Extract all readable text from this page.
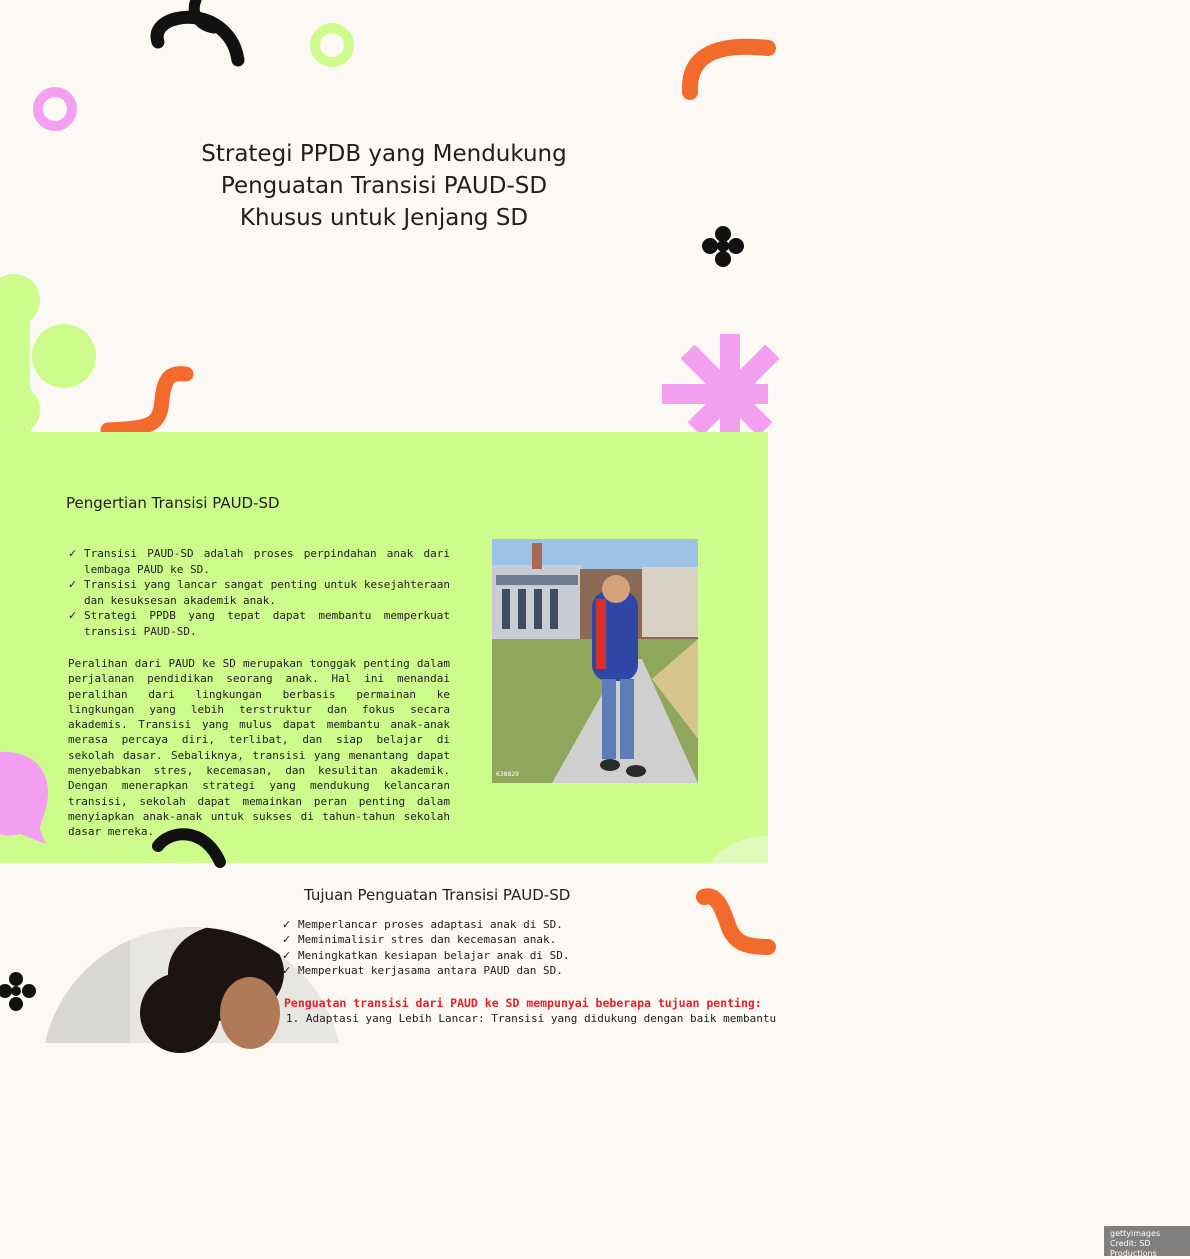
Strategi PPDB yang Mendukung
Penguatan Transisi PAUD-SD
Khusus untuk Jenjang SD
Pengertian Transisi PAUD-SD
✓ Transisi PAUD-SD adalah proses perpindahan anak dari lembaga PAUD ke SD.
✓ Transisi yang lancar sangat penting untuk kesejahteraan dan kesuksesan akademik anak.
✓ Strategi PPDB yang tepat dapat membantu memperkuat transisi PAUD-SD.

Peralihan dari PAUD ke SD merupakan tonggak penting dalam perjalanan pendidikan seorang anak. Hal ini menandai peralihan dari lingkungan berbasis permainan ke lingkungan yang lebih terstruktur dan fokus secara akademis. Transisi yang mulus dapat membantu anak-anak merasa percaya diri, terlibat, dan siap belajar di sekolah dasar. Sebaliknya, transisi yang menantang dapat menyebabkan stres, kecemasan, dan kesulitan akademik. Dengan menerapkan strategi yang mendukung kelancaran transisi, sekolah dapat memainkan peran penting dalam menyiapkan anak-anak untuk sukses di tahun-tahun sekolah dasar mereka.

gettyimages
Credit: SD Productions
638829
Tujuan Penguatan Transisi PAUD-SD
✓ Memperlancar proses adaptasi anak di SD.
✓ Meminimalisir stres dan kecemasan anak.
✓ Meningkatkan kesiapan belajar anak di SD.
✓ Memperkuat kerjasama antara PAUD dan SD.
Penguatan transisi dari PAUD ke SD mempunyai beberapa tujuan penting:
1. Adaptasi yang Lebih Lancar: Transisi yang didukung dengan baik membantu
